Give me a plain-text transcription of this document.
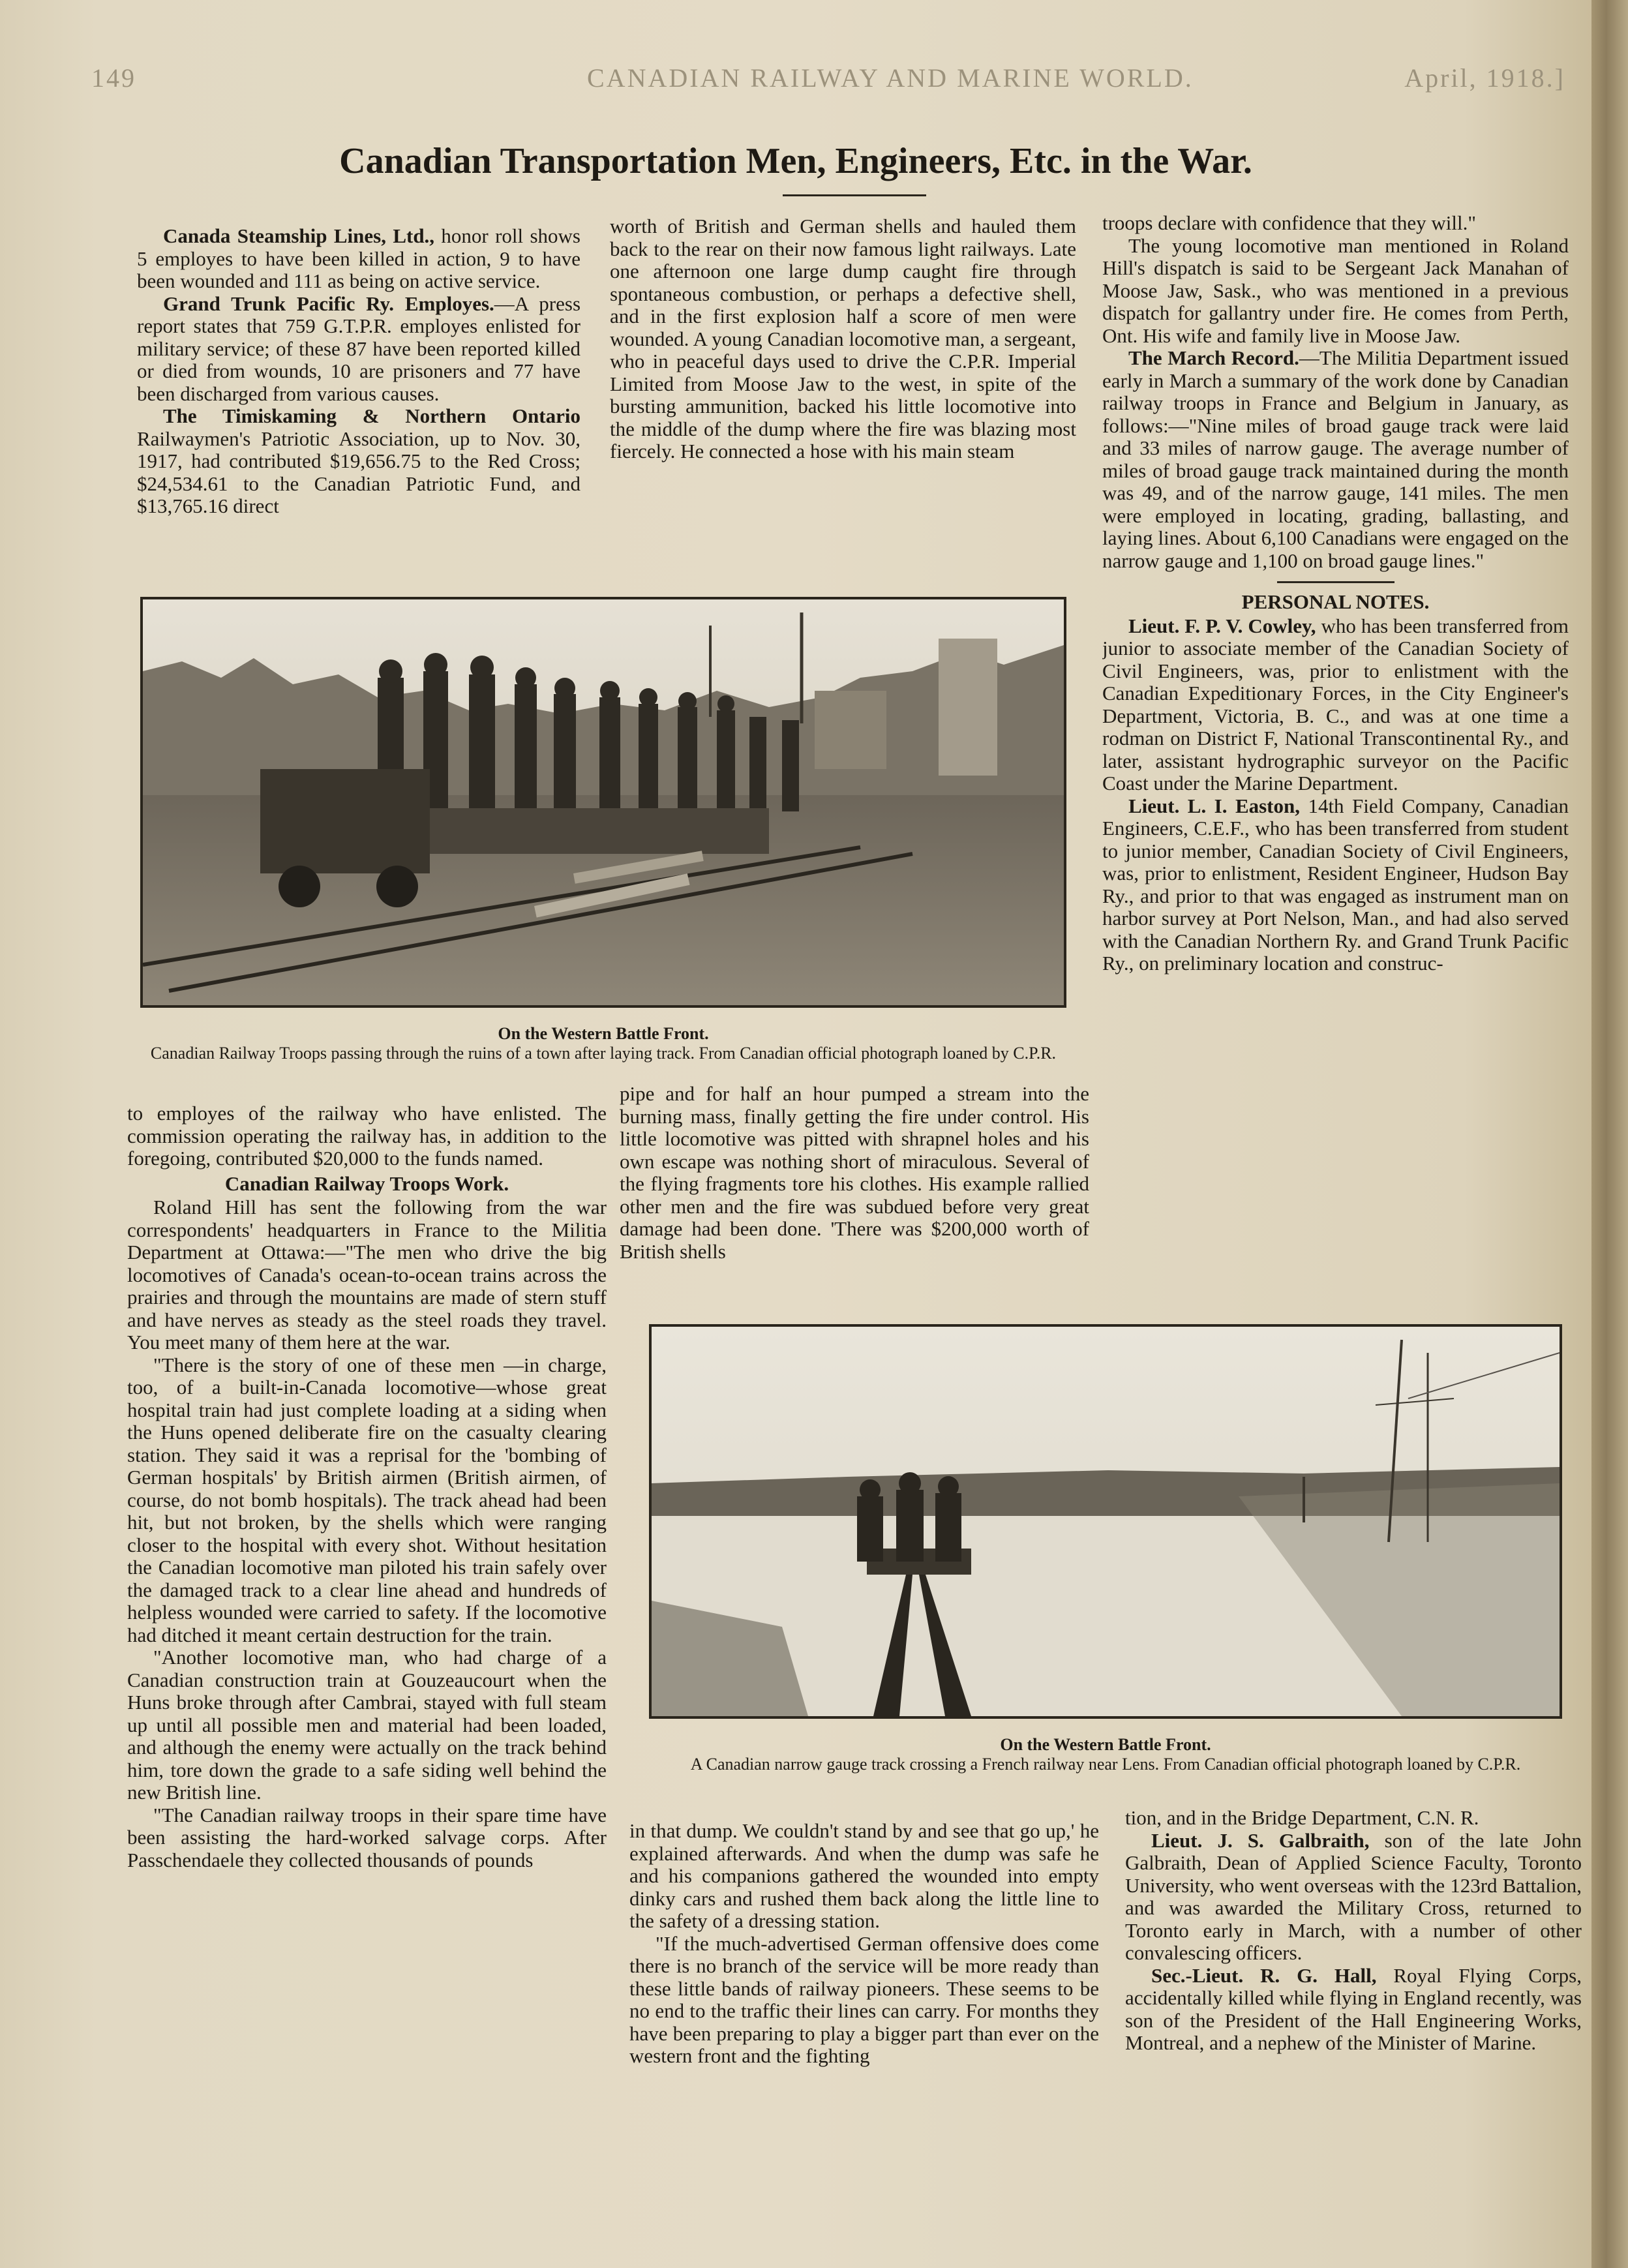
149	CANADIAN RAILWAY AND MARINE WORLD.	April, 1918.]
Canadian Transportation Men, Engineers, Etc. in the War.

Canada Steamship Lines, Ltd., honor roll shows 5 employes to have been killed in action, 9 to have been wounded and 111 as being on active service.

Grand Trunk Pacific Ry. Employes.—A press report states that 759 G.T.P.R. employes enlisted for military service; of these 87 have been reported killed or died from wounds, 10 are prisoners and 77 have been discharged from various causes.

The Timiskaming & Northern Ontario Railwaymen's Patriotic Association, up to Nov. 30, 1917, had contributed $19,656.75 to the Red Cross; $24,534.61 to the Canadian Patriotic Fund, and $13,765.16 direct

worth of British and German shells and hauled them back to the rear on their now famous light railways. Late one afternoon one large dump caught fire through spontaneous combustion, or perhaps a defective shell, and in the first explosion half a score of men were wounded. A young Canadian locomotive man, a sergeant, who in peaceful days used to drive the C.P.R. Imperial Limited from Moose Jaw to the west, in spite of the bursting ammunition, backed his little locomotive into the middle of the dump where the fire was blazing most fiercely. He connected a hose with his main steam

troops declare with confidence that they will."

The young locomotive man mentioned in Roland Hill's dispatch is said to be Sergeant Jack Manahan of Moose Jaw, Sask., who was mentioned in a previous dispatch for gallantry under fire. He comes from Perth, Ont. His wife and family live in Moose Jaw.

The March Record.—The Militia Department issued early in March a summary of the work done by Canadian railway troops in France and Belgium in January, as follows:—"Nine miles of broad gauge track were laid and 33 miles of narrow gauge. The average number of miles of broad gauge track maintained during the month was 49, and of the narrow gauge, 141 miles. The men were employed in locating, grading, ballasting, and laying lines. About 6,100 Canadians were engaged on the narrow gauge and 1,100 on broad gauge lines."

PERSONAL NOTES.

Lieut. F. P. V. Cowley, who has been transferred from junior to associate member of the Canadian Society of Civil Engineers, was, prior to enlistment with the Canadian Expeditionary Forces, in the City Engineer's Department, Victoria, B. C., and was at one time a rodman on District F, National Transcontinental Ry., and later, assistant hydrographic surveyor on the Pacific Coast under the Marine Department.

Lieut. L. I. Easton, 14th Field Company, Canadian Engineers, C.E.F., who has been transferred from student to junior member, Canadian Society of Civil Engineers, was, prior to enlistment, Resident Engineer, Hudson Bay Ry., and prior to that was engaged as instrument man on harbor survey at Port Nelson, Man., and had also served with the Canadian Northern Ry. and Grand Trunk Pacific Ry., on preliminary location and construc-

On the Western Battle Front.
Canadian Railway Troops passing through the ruins of a town after laying track. From Canadian official photograph loaned by C.P.R.

to employes of the railway who have enlisted. The commission operating the railway has, in addition to the foregoing, contributed $20,000 to the funds named.

Canadian Railway Troops Work.

Roland Hill has sent the following from the war correspondents' headquarters in France to the Militia Department at Ottawa:—"The men who drive the big locomotives of Canada's ocean-to-ocean trains across the prairies and through the mountains are made of stern stuff and have nerves as steady as the steel roads they travel. You meet many of them here at the war.

"There is the story of one of these men —in charge, too, of a built-in-Canada locomotive—whose great hospital train had just complete loading at a siding when the Huns opened deliberate fire on the casualty clearing station. They said it was a reprisal for the 'bombing of German hospitals' by British airmen (British airmen, of course, do not bomb hospitals). The track ahead had been hit, but not broken, by the shells which were ranging closer to the hospital with every shot. Without hesitation the Canadian locomotive man piloted his train safely over the damaged track to a clear line ahead and hundreds of helpless wounded were carried to safety. If the locomotive had ditched it meant certain destruction for the train.

"Another locomotive man, who had charge of a Canadian construction train at Gouzeaucourt when the Huns broke through after Cambrai, stayed with full steam up until all possible men and material had been loaded, and although the enemy were actually on the track behind him, tore down the grade to a safe siding well behind the new British line.

"The Canadian railway troops in their spare time have been assisting the hard-worked salvage corps. After Passchendaele they collected thousands of pounds

pipe and for half an hour pumped a stream into the burning mass, finally getting the fire under control. His little locomotive was pitted with shrapnel holes and his own escape was nothing short of miraculous. Several of the flying fragments tore his clothes. His example rallied other men and the fire was subdued before very great damage had been done. 'There was $200,000 worth of British shells

On the Western Battle Front.
A Canadian narrow gauge track crossing a French railway near Lens. From Canadian official photograph loaned by C.P.R.

in that dump. We couldn't stand by and see that go up,' he explained afterwards. And when the dump was safe he and his companions gathered the wounded into empty dinky cars and rushed them back along the little line to the safety of a dressing station.

"If the much-advertised German offensive does come there is no branch of the service will be more ready than these little bands of railway pioneers. These seems to be no end to the traffic their lines can carry. For months they have been preparing to play a bigger part than ever on the western front and the fighting

tion, and in the Bridge Department, C.N. R.

Lieut. J. S. Galbraith, son of the late John Galbraith, Dean of Applied Science Faculty, Toronto University, who went overseas with the 123rd Battalion, and was awarded the Military Cross, returned to Toronto early in March, with a number of other convalescing officers.

Sec.-Lieut. R. G. Hall, Royal Flying Corps, accidentally killed while flying in England recently, was son of the President of the Hall Engineering Works, Montreal, and a nephew of the Minister of Marine.
